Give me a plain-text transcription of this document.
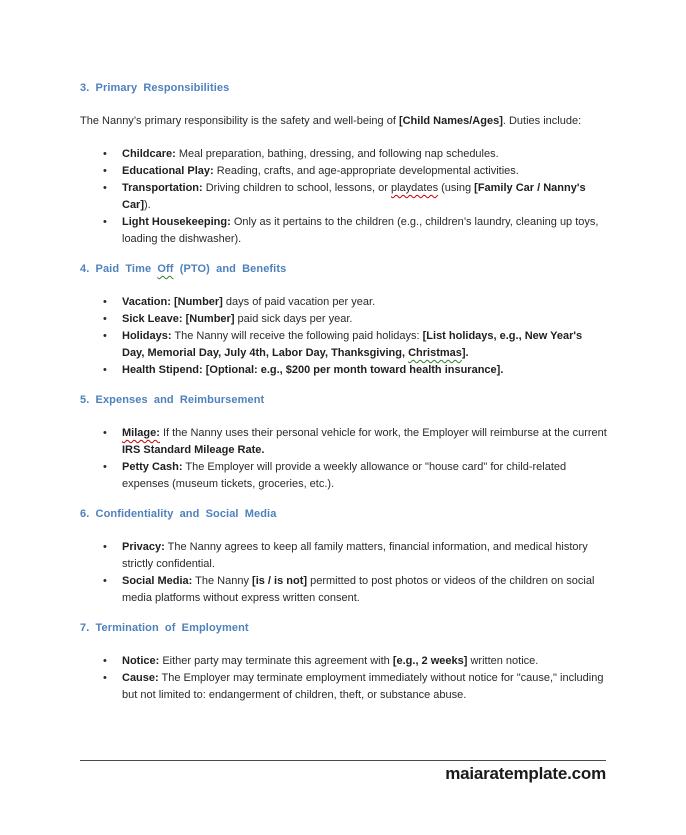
3. Primary Responsibilities

The Nanny’s primary responsibility is the safety and well-being of [Child Names/Ages]. Duties include:

• Childcare: Meal preparation, bathing, dressing, and following nap schedules.
• Educational Play: Reading, crafts, and age-appropriate developmental activities.
• Transportation: Driving children to school, lessons, or playdates (using [Family Car / Nanny's Car]).
• Light Housekeeping: Only as it pertains to the children (e.g., children’s laundry, cleaning up toys, loading the dishwasher).
4. Paid Time Off (PTO) and Benefits
• Vacation: [Number] days of paid vacation per year.
• Sick Leave: [Number] paid sick days per year.
• Holidays: The Nanny will receive the following paid holidays: [List holidays, e.g., New Year's Day, Memorial Day, July 4th, Labor Day, Thanksgiving, Christmas].
• Health Stipend: [Optional: e.g., $200 per month toward health insurance].
5. Expenses and Reimbursement
• Milage: If the Nanny uses their personal vehicle for work, the Employer will reimburse at the current IRS Standard Mileage Rate.
• Petty Cash: The Employer will provide a weekly allowance or "house card" for child-related expenses (museum tickets, groceries, etc.).
6. Confidentiality and Social Media
• Privacy: The Nanny agrees to keep all family matters, financial information, and medical history strictly confidential.
• Social Media: The Nanny [is / is not] permitted to post photos or videos of the children on social media platforms without express written consent.
7. Termination of Employment
• Notice: Either party may terminate this agreement with [e.g., 2 weeks] written notice.
• Cause: The Employer may terminate employment immediately without notice for "cause," including but not limited to: endangerment of children, theft, or substance abuse.
maiaratemplate.com
